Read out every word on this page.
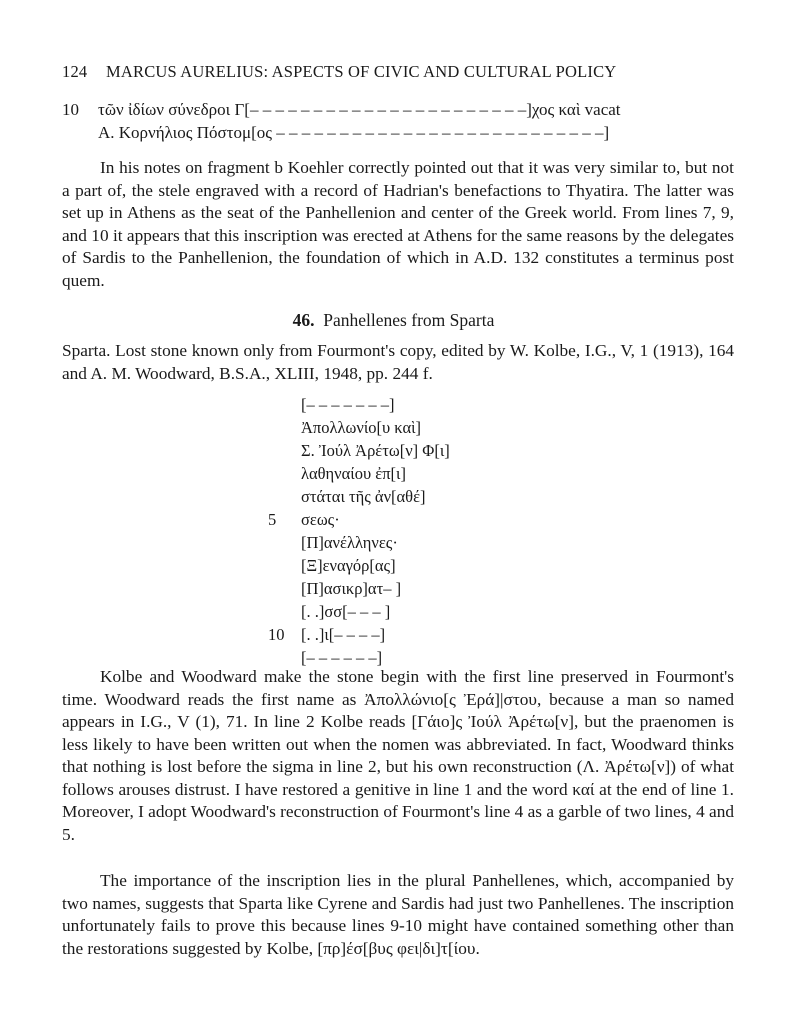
124 MARCUS AURELIUS: ASPECTS OF CIVIC AND CULTURAL POLICY
10 τῶν ἰδίων σύνεδροι Γ[– – – – – – – – – – – – – – – – – – – – – –]χος καὶ vacat
Α. Κορνήλιος Πόστομ[ος – – – – – – – – – – – – – – – – – – – – – – – – – –]
In his notes on fragment b Koehler correctly pointed out that it was very similar to, but not a part of, the stele engraved with a record of Hadrian's benefactions to Thyatira. The latter was set up in Athens as the seat of the Panhellenion and center of the Greek world. From lines 7, 9, and 10 it appears that this inscription was erected at Athens for the same reasons by the delegates of Sardis to the Panhellenion, the foundation of which in A.D. 132 constitutes a terminus post quem.
46. Panhellenes from Sparta
Sparta. Lost stone known only from Fourmont's copy, edited by W. Kolbe, I.G., V, 1 (1913), 164 and A. M. Woodward, B.S.A., XLIII, 1948, pp. 244 f.
[– – – – – – –]
Ἀπολλωνίο[υ καὶ]
Σ. Ἰούλ Ἀρέτω[ν] Φ[ι]
λαθηναίου ἐπ[ι]
στάται τῆς ἀν[αθέ]
5 σεως·
[Π]ανέλληνες·
[Ξ]εναγόρ[ας]
[Π]ασικρ]ατ– ]
[. .]σσ[– – – ]
10 [. .]ι[– – – –]
[– – – – – –]
Kolbe and Woodward make the stone begin with the first line preserved in Fourmont's time. Woodward reads the first name as Ἀπολλώνιο[ς Ἐρά]|στου, because a man so named appears in I.G., V (1), 71. In line 2 Kolbe reads [Γάιο]ς Ἰούλ Ἀρέτω[ν], but the praenomen is less likely to have been written out when the nomen was abbreviated. In fact, Woodward thinks that nothing is lost before the sigma in line 2, but his own reconstruction (Λ. Ἀρέτω[ν]) of what follows arouses distrust. I have restored a genitive in line 1 and the word καί at the end of line 1. Moreover, I adopt Woodward's reconstruction of Fourmont's line 4 as a garble of two lines, 4 and 5.
The importance of the inscription lies in the plural Panhellenes, which, accompanied by two names, suggests that Sparta like Cyrene and Sardis had just two Panhellenes. The inscription unfortunately fails to prove this because lines 9-10 might have contained something other than the restorations suggested by Kolbe, [πρ]έσ[βυς φει|δι]τ[ίου.
